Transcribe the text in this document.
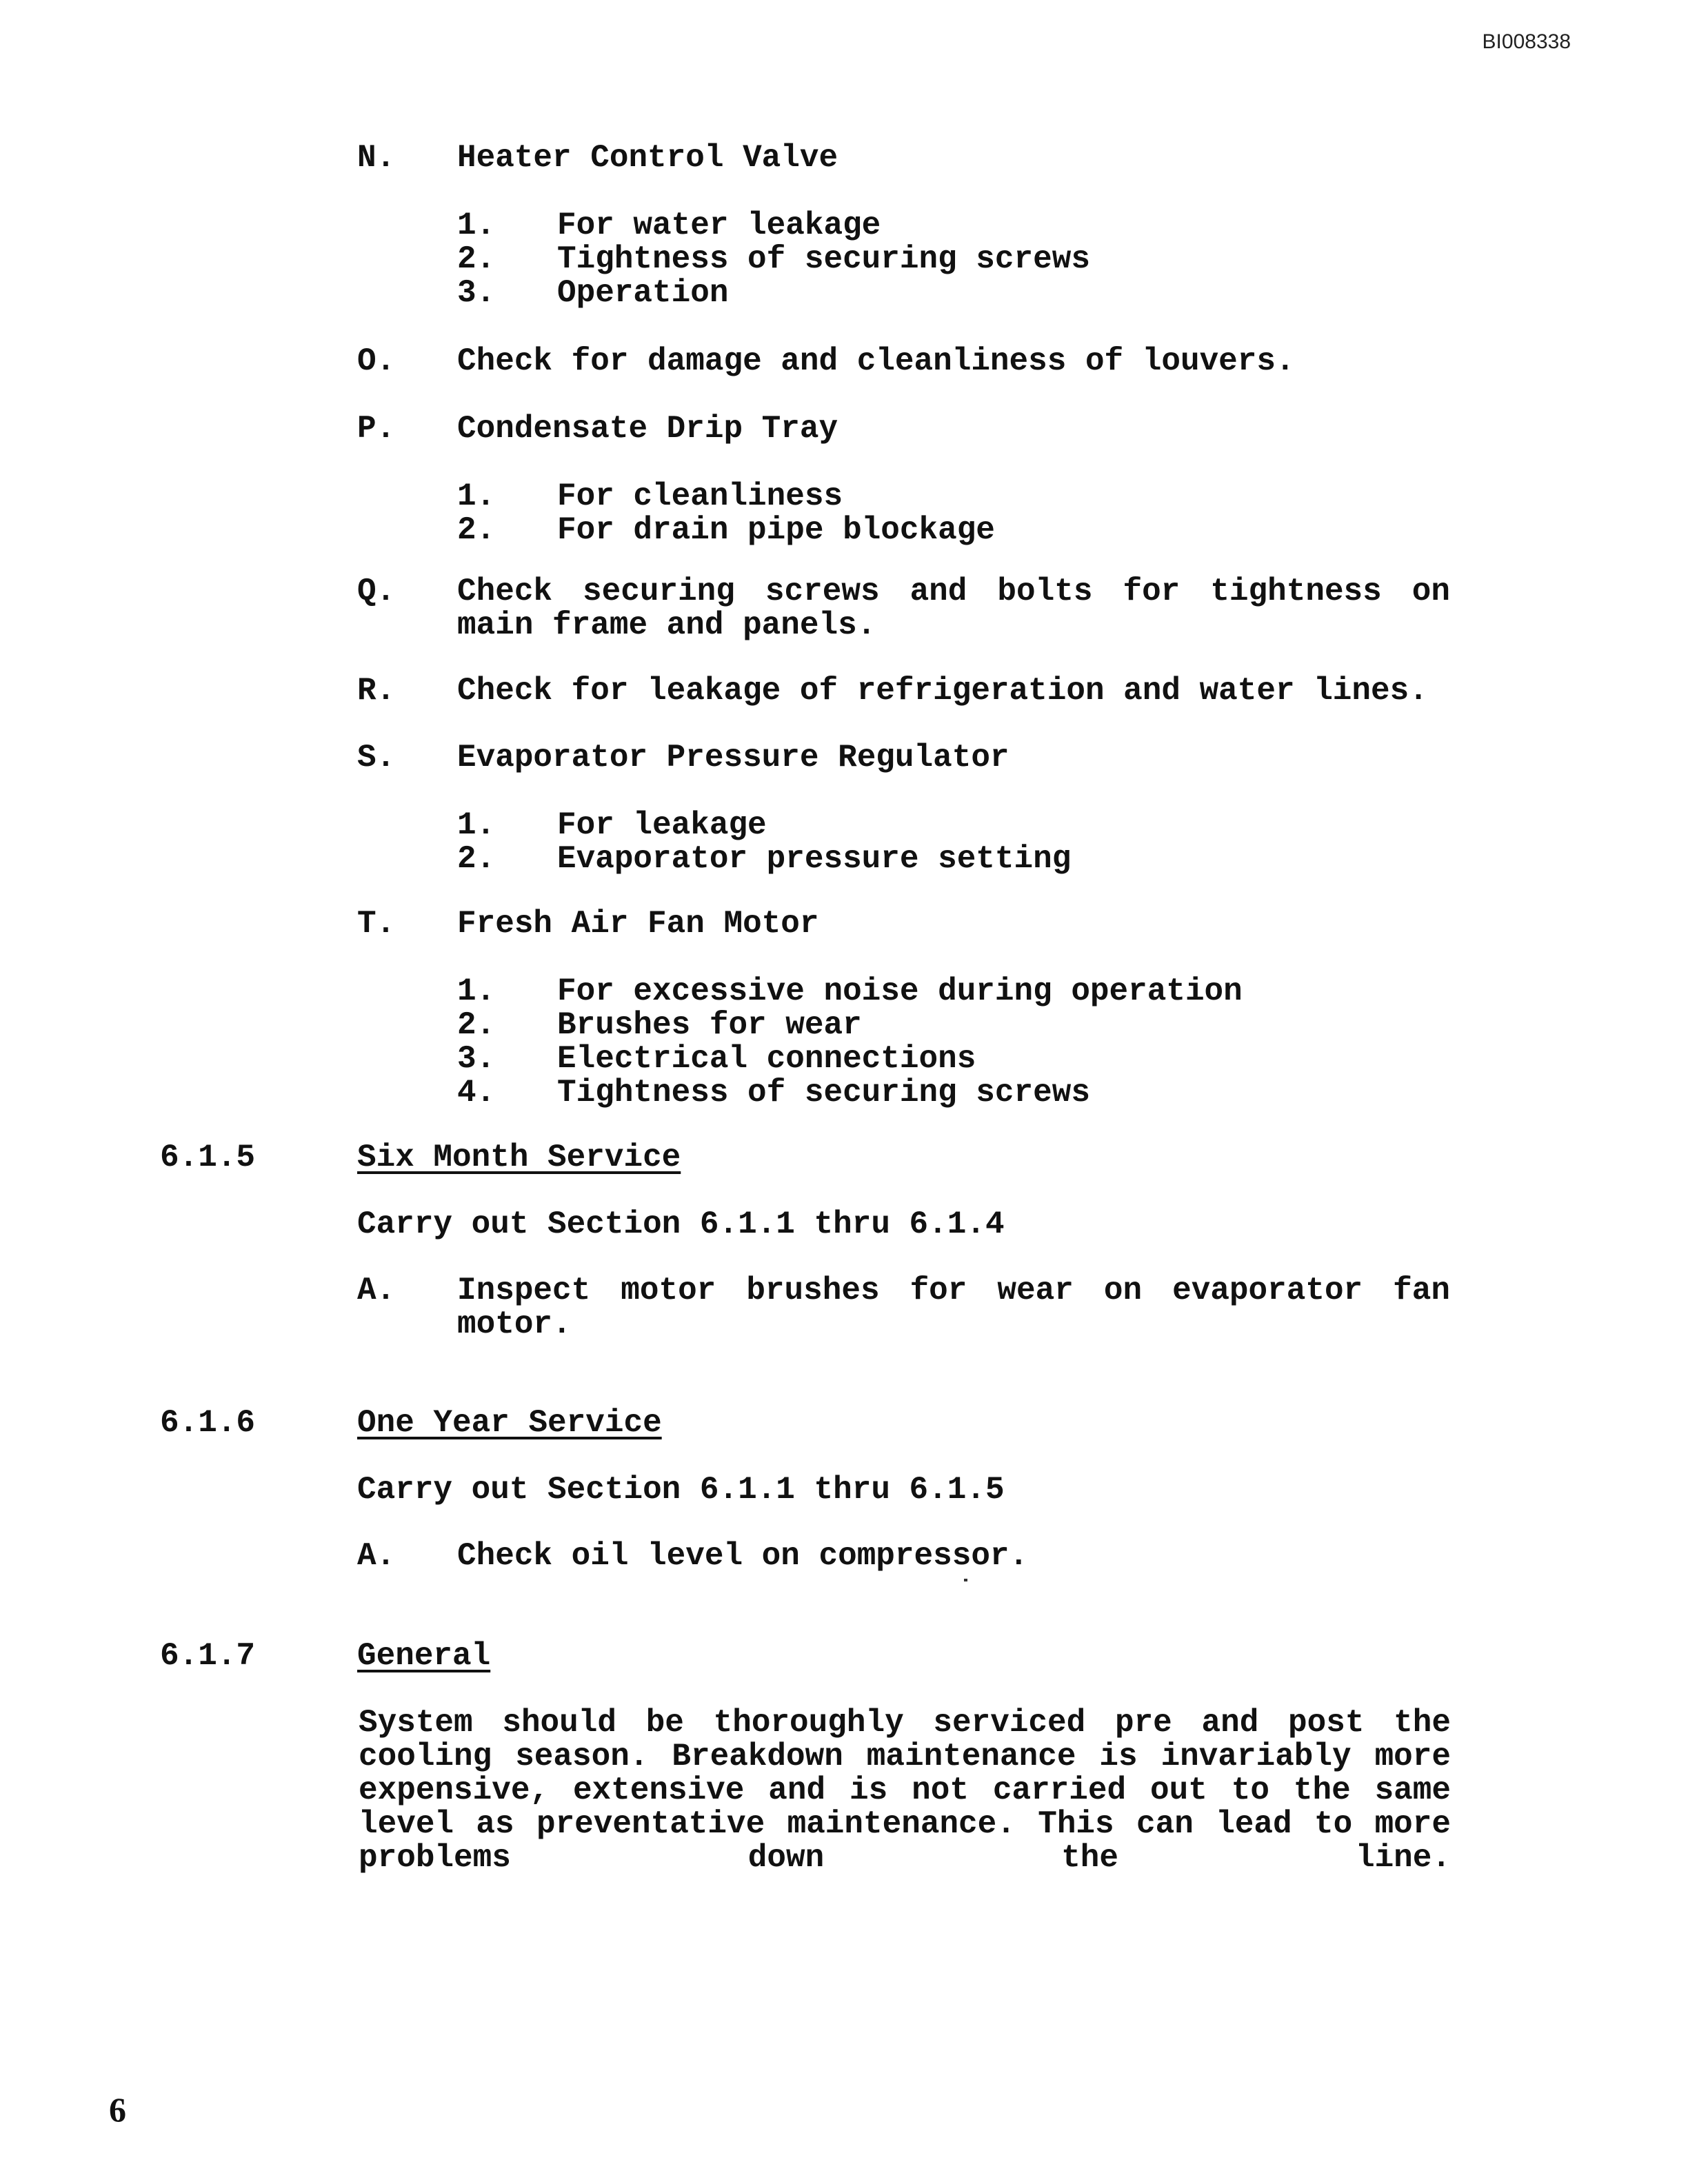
BI008338
N. Heater Control Valve
1. For water leakage
2. Tightness of securing screws
3. Operation
O. Check for damage and cleanliness of louvers.
P. Condensate Drip Tray
1. For cleanliness
2. For drain pipe blockage
Q. Check securing screws and bolts for tightness on main frame and panels.
R. Check for leakage of refrigeration and water lines.
S. Evaporator Pressure Regulator
1. For leakage
2. Evaporator pressure setting
T. Fresh Air Fan Motor
1. For excessive noise during operation
2. Brushes for wear
3. Electrical connections
4. Tightness of securing screws
6.1.5	Six Month Service
Carry out Section 6.1.1 thru 6.1.4
A. Inspect motor brushes for wear on evaporator fan motor.
6.1.6	One Year Service
Carry out Section 6.1.1 thru 6.1.5
A. Check oil level on compressor.
6.1.7	General
System should be thoroughly serviced pre and post the cooling season. Breakdown maintenance is invariably more expensive, extensive and is not carried out to the same level as preventative maintenance. This can lead to more problems down the line.
6
